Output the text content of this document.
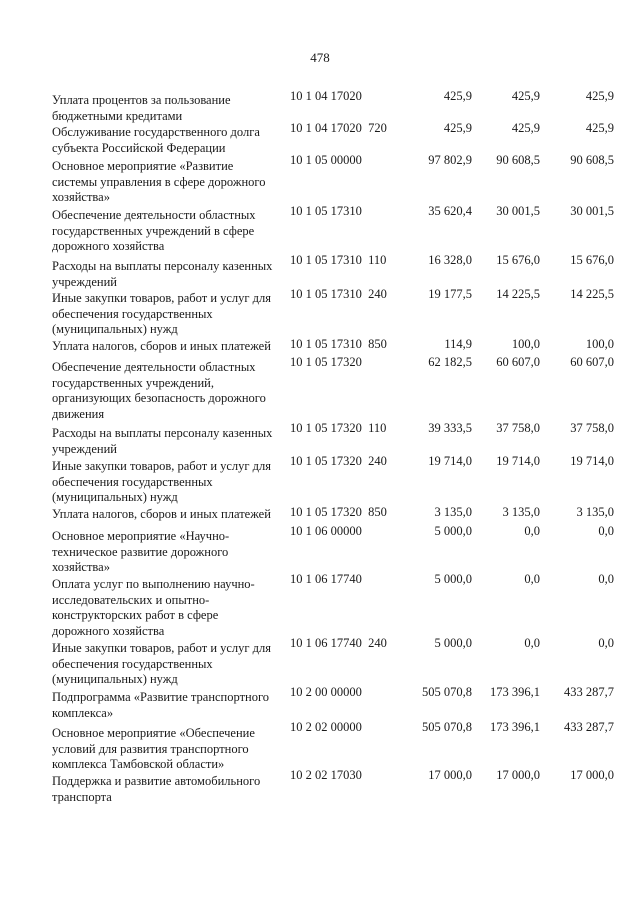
478
Уплата процентов за пользование
бюджетными кредитами
10 1 04 17020	425,9	425,9	425,9
Обслуживание государственного долга
субъекта Российской Федерации
10 1 04 17020  720	425,9	425,9	425,9
Основное мероприятие «Развитие
системы управления в сфере дорожного
хозяйства»
10 1 05 00000	97 802,9	90 608,5	90 608,5
Обеспечение деятельности областных
государственных учреждений в сфере
дорожного хозяйства
10 1 05 17310	35 620,4	30 001,5	30 001,5
Расходы на выплаты персоналу казенных
учреждений
10 1 05 17310  110	16 328,0	15 676,0	15 676,0
Иные закупки товаров, работ и услуг для
обеспечения государственных
(муниципальных) нужд
10 1 05 17310  240	19 177,5	14 225,5	14 225,5
Уплата налогов, сборов и иных платежей	10 1 05 17310  850	114,9	100,0	100,0
Обеспечение деятельности областных
государственных учреждений,
организующих безопасность дорожного
движения
10 1 05 17320	62 182,5	60 607,0	60 607,0
Расходы на выплаты персоналу казенных
учреждений
10 1 05 17320  110	39 333,5	37 758,0	37 758,0
Иные закупки товаров, работ и услуг для
обеспечения государственных
(муниципальных) нужд
10 1 05 17320  240	19 714,0	19 714,0	19 714,0
Уплата налогов, сборов и иных платежей	10 1 05 17320  850	3 135,0	3 135,0	3 135,0
Основное мероприятие «Научно-
техническое развитие дорожного
хозяйства»
10 1 06 00000	5 000,0	0,0	0,0
Оплата услуг по выполнению научно-
исследовательских и опытно-
конструкторских работ в сфере
дорожного хозяйства
10 1 06 17740	5 000,0	0,0	0,0
Иные закупки товаров, работ и услуг для
обеспечения государственных
(муниципальных) нужд
10 1 06 17740  240	5 000,0	0,0	0,0
Подпрограмма «Развитие транспортного
комплекса»
10 2 00 00000	505 070,8	173 396,1	433 287,7
Основное мероприятие «Обеспечение
условий для развития транспортного
комплекса Тамбовской области»
10 2 02 00000	505 070,8	173 396,1	433 287,7
Поддержка и развитие автомобильного
транспорта
10 2 02 17030	17 000,0	17 000,0	17 000,0
